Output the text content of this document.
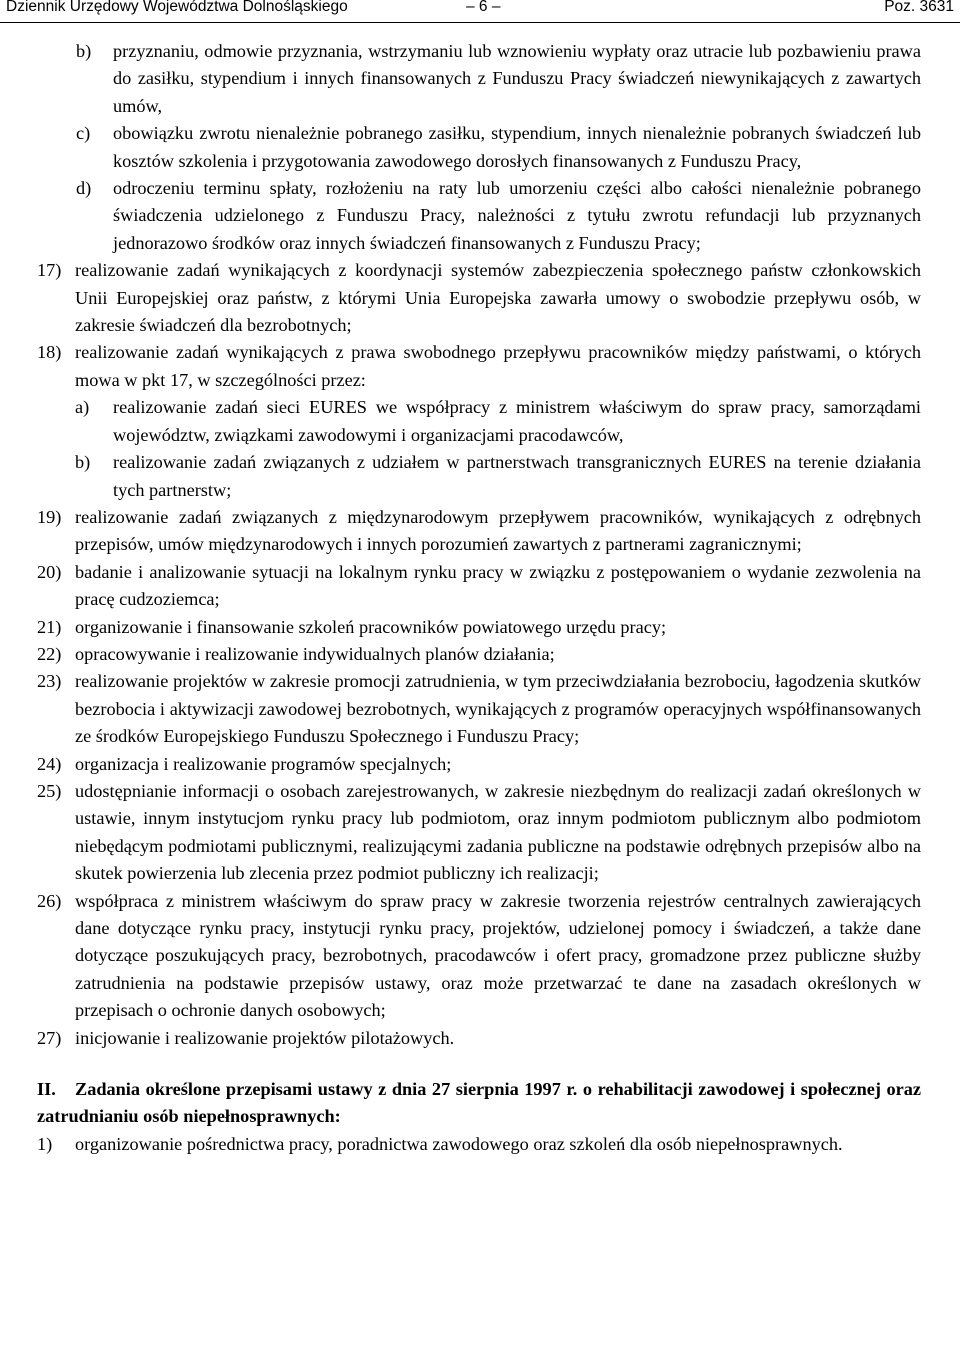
Dziennik Urzędowy Województwa Dolnośląskiego	– 6 –	Poz. 3631
b) przyznaniu, odmowie przyznania, wstrzymaniu lub wznowieniu wypłaty oraz utracie lub pozbawieniu prawa do zasiłku, stypendium i innych finansowanych z Funduszu Pracy świadczeń niewynikających z zawartych umów,
c) obowiązku zwrotu nienależnie pobranego zasiłku, stypendium, innych nienależnie pobranych świadczeń lub kosztów szkolenia i przygotowania zawodowego dorosłych finansowanych z Funduszu Pracy,
d) odroczeniu terminu spłaty, rozłożeniu na raty lub umorzeniu części albo całości nienależnie pobranego świadczenia udzielonego z Funduszu Pracy, należności z tytułu zwrotu refundacji lub przyznanych jednorazowo środków oraz innych świadczeń finansowanych z Funduszu Pracy;
17) realizowanie zadań wynikających z koordynacji systemów zabezpieczenia społecznego państw członkowskich Unii Europejskiej oraz państw, z którymi Unia Europejska zawarła umowy o swobodzie przepływu osób, w zakresie świadczeń dla bezrobotnych;
18) realizowanie zadań wynikających z prawa swobodnego przepływu pracowników między państwami, o których mowa w pkt 17, w szczególności przez:
a) realizowanie zadań sieci EURES we współpracy z ministrem właściwym do spraw pracy, samorządami województw, związkami zawodowymi i organizacjami pracodawców,
b) realizowanie zadań związanych z udziałem w partnerstwach transgranicznych EURES na terenie działania tych partnerstw;
19) realizowanie zadań związanych z międzynarodowym przepływem pracowników, wynikających z odrębnych przepisów, umów międzynarodowych i innych porozumień zawartych z partnerami zagranicznymi;
20) badanie i analizowanie sytuacji na lokalnym rynku pracy w związku z postępowaniem o wydanie zezwolenia na pracę cudzoziemca;
21) organizowanie i finansowanie szkoleń pracowników powiatowego urzędu pracy;
22) opracowywanie i realizowanie indywidualnych planów działania;
23) realizowanie projektów w zakresie promocji zatrudnienia, w tym przeciwdziałania bezrobociu, łagodzenia skutków bezrobocia i aktywizacji zawodowej bezrobotnych, wynikających z programów operacyjnych współfinansowanych ze środków Europejskiego Funduszu Społecznego i Funduszu Pracy;
24) organizacja i realizowanie programów specjalnych;
25) udostępnianie informacji o osobach zarejestrowanych, w zakresie niezbędnym do realizacji zadań określonych w ustawie, innym instytucjom rynku pracy lub podmiotom, oraz innym podmiotom publicznym albo podmiotom niebędącym podmiotami publicznymi, realizującymi zadania publiczne na podstawie odrębnych przepisów albo na skutek powierzenia lub zlecenia przez podmiot publiczny ich realizacji;
26) współpraca z ministrem właściwym do spraw pracy w zakresie tworzenia rejestrów centralnych zawierających dane dotyczące rynku pracy, instytucji rynku pracy, projektów, udzielonej pomocy i świadczeń, a także dane dotyczące poszukujących pracy, bezrobotnych, pracodawców i ofert pracy, gromadzone przez publiczne służby zatrudnienia na podstawie przepisów ustawy, oraz może przetwarzać te dane na zasadach określonych w przepisach o ochronie danych osobowych;
27) inicjowanie i realizowanie projektów pilotażowych.
II. Zadania określone przepisami ustawy z dnia 27 sierpnia 1997 r. o rehabilitacji zawodowej i społecznej oraz zatrudnianiu osób niepełnosprawnych:
1) organizowanie pośrednictwa pracy, poradnictwa zawodowego oraz szkoleń dla osób niepełnosprawnych.
